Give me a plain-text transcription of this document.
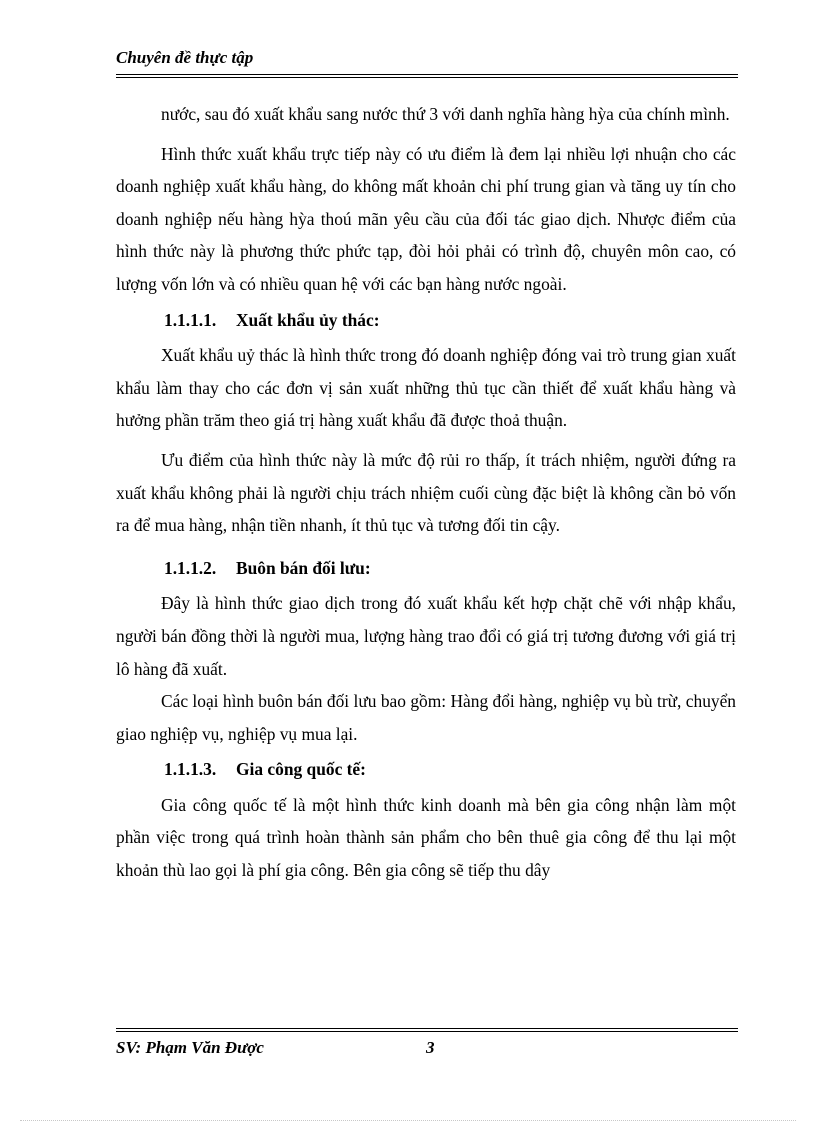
Chuyên đề thực tập

nước, sau đó xuất khẩu sang nước thứ 3 với danh nghĩa hàng hỳa của chính mình.

Hình thức xuất khẩu trực tiếp này có ưu điểm là đem lại nhiều lợi nhuận cho các doanh nghiệp xuất khẩu hàng, do không mất khoản chi phí trung gian và tăng uy tín cho doanh nghiệp nếu hàng hỳa thoú mãn yêu cầu của đối tác giao dịch. Nhược điểm của hình thức này là phương thức phức tạp, đòi hỏi phải có trình độ, chuyên môn cao, có lượng vốn lớn và có nhiều quan hệ với các bạn hàng nước ngoài.

1.1.1.1. Xuất khẩu ủy thác:

Xuất khẩu uỷ thác là hình thức trong đó doanh nghiệp đóng vai trò trung gian xuất khẩu làm thay cho các đơn vị sản xuất những thủ tục cần thiết để xuất khẩu hàng và hưởng phần trăm theo giá trị hàng xuất khẩu đã được thoả thuận.

Ưu điểm của hình thức này là mức độ rủi ro thấp, ít trách nhiệm, người đứng ra xuất khẩu không phải là người chịu trách nhiệm cuối cùng đặc biệt là không cần bỏ vốn ra để mua hàng, nhận tiền nhanh, ít thủ tục và tương đối tin cậy.

1.1.1.2. Buôn bán đối lưu:

Đây là hình thức giao dịch trong đó xuất khẩu kết hợp chặt chẽ với nhập khẩu, người bán đồng thời là người mua, lượng hàng trao đổi có giá trị tương đương với giá trị lô hàng đã xuất.

Các loại hình buôn bán đối lưu bao gồm: Hàng đổi hàng, nghiệp vụ bù trừ, chuyển giao nghiệp vụ, nghiệp vụ mua lại.

1.1.1.3. Gia công quốc tế:

Gia công quốc tế là một hình thức kinh doanh mà bên gia công nhận làm một phần việc trong quá trình hoàn thành sản phẩm cho bên thuê gia công để thu lại một khoản thù lao gọi là phí gia công. Bên gia công sẽ tiếp thu dây

SV: Phạm Văn Được	3
